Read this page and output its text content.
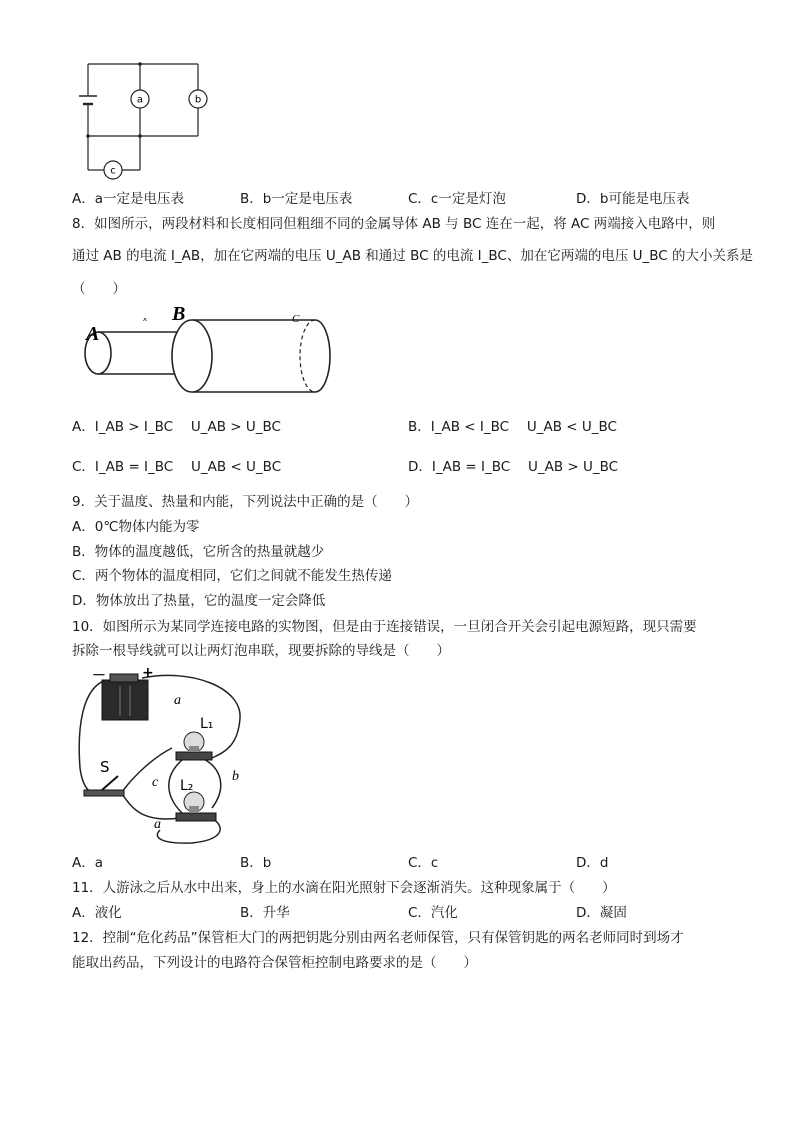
a	b
c
A．a一定是电压表	B．b一定是电压表	C．c一定是灯泡	D．b可能是电压表
8．如图所示，两段材料和长度相同但粗细不同的金属导体 AB 与 BC 连在一起，将 AC 两端接入电路中，则
通过 AB 的电流 I_AB，加在它两端的电压 U_AB 和通过 BC 的电流 I_BC、加在它两端的电压 U_BC 的大小关系是
（　　）
A
B	C
˄
A．I_AB > I_BC　 U_AB > U_BC	B．I_AB < I_BC　 U_AB < U_BC
C．I_AB = I_BC　 U_AB < U_BC	D．I_AB = I_BC　 U_AB > U_BC
9．关于温度、热量和内能，下列说法中正确的是（　　）
A．0℃物体内能为零
B．物体的温度越低，它所含的热量就越少
C．两个物体的温度相同，它们之间就不能发生热传递
D．物体放出了热量，它的温度一定会降低
10．如图所示为某同学连接电路的实物图，但是由于连接错误，一旦闭合开关会引起电源短路，现只需要
拆除一根导线就可以让两灯泡串联，现要拆除的导线是（　　）
－	+
L₁
L₂
S
a
b
c
a
A．a	B．b	C．c	D．d
11．人游泳之后从水中出来，身上的水滴在阳光照射下会逐渐消失。这种现象属于（　　）
A．液化	B．升华	C．汽化	D．凝固
12．控制“危化药品”保管柜大门的两把钥匙分别由两名老师保管，只有保管钥匙的两名老师同时到场才
能取出药品，下列设计的电路符合保管柜控制电路要求的是（　　）
